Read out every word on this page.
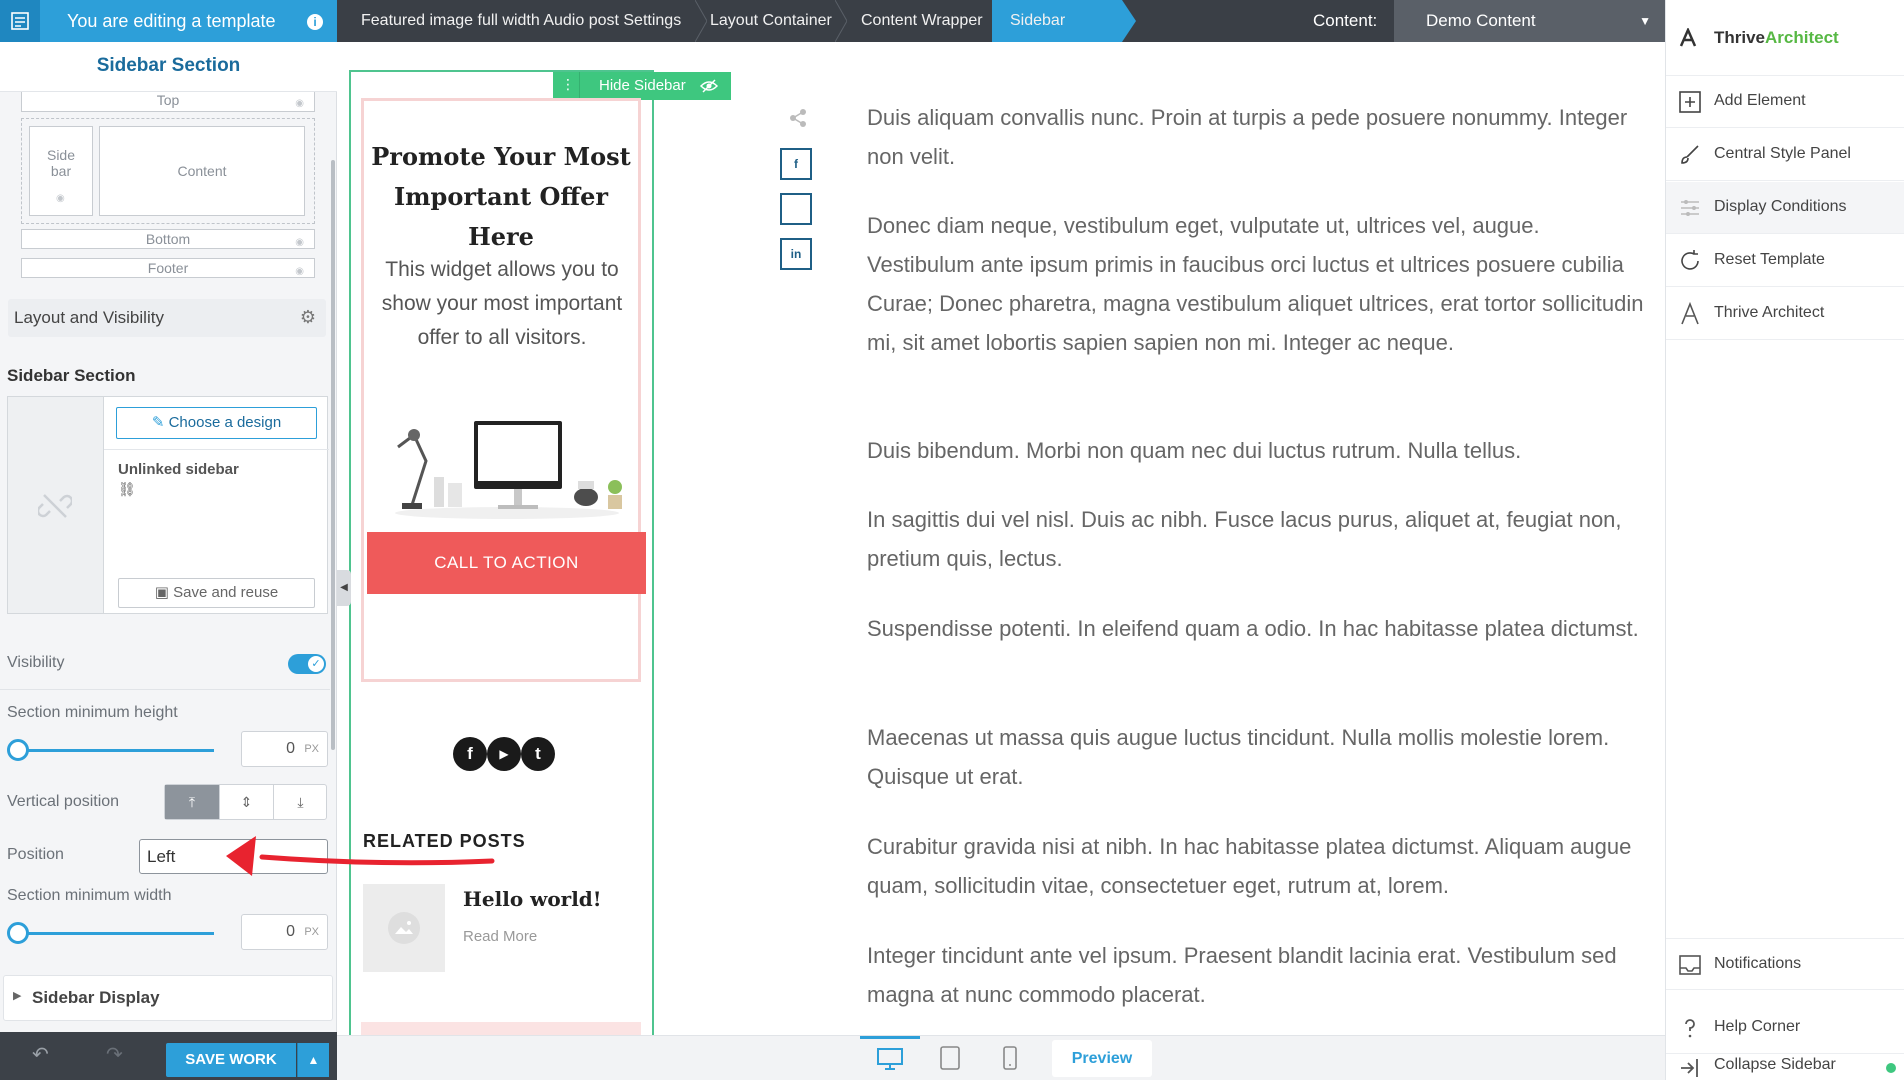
You are editing a template	i
Sidebar Section
Top	◉
Side bar
◉
Content
Bottom	◉
Footer	◉
Layout and Visibility	⚙
Sidebar Section
✎ Choose a design
Unlinked sidebar
⛓
▣ Save and reuse
Visibility	✓
Section minimum height
0 PX
Vertical position	⤒	⇕	⤓
Position	Left
Section minimum width
0 PX
▶ Sidebar Display
↶	↷	SAVE WORK	▲
Featured image full width Audio post Settings Layout Container Content Wrapper	Sidebar	Content:	Demo Content	▼
⋮ Hide Sidebar
Promote Your Most Important Offer Here
This widget allows you to show your most important offer to all visitors.
CALL TO ACTION
f	▶	t
RELATED POSTS
Hello world!
Read More
◀
f
in

Duis aliquam convallis nunc. Proin at turpis a pede posuere nonummy. Integer non velit.

Donec diam neque, vestibulum eget, vulputate ut, ultrices vel, augue. Vestibulum ante ipsum primis in faucibus orci luctus et ultrices posuere cubilia Curae; Donec pharetra, magna vestibulum aliquet ultrices, erat tortor sollicitudin mi, sit amet lobortis sapien sapien non mi. Integer ac neque.

Duis bibendum. Morbi non quam nec dui luctus rutrum. Nulla tellus.

In sagittis dui vel nisl. Duis ac nibh. Fusce lacus purus, aliquet at, feugiat non, pretium quis, lectus.

Suspendisse potenti. In eleifend quam a odio. In hac habitasse platea dictumst.

Maecenas ut massa quis augue luctus tincidunt. Nulla mollis molestie lorem. Quisque ut erat.

Curabitur gravida nisi at nibh. In hac habitasse platea dictumst. Aliquam augue quam, sollicitudin vitae, consectetuer eget, rutrum at, lorem.

Integer tincidunt ante vel ipsum. Praesent blandit lacinia erat. Vestibulum sed magna at nunc commodo placerat.

Preview
ThriveArchitect
Add Element
Central Style Panel
Display Conditions
Reset Template
Thrive Architect
Notifications
Help Corner
Collapse Sidebar
